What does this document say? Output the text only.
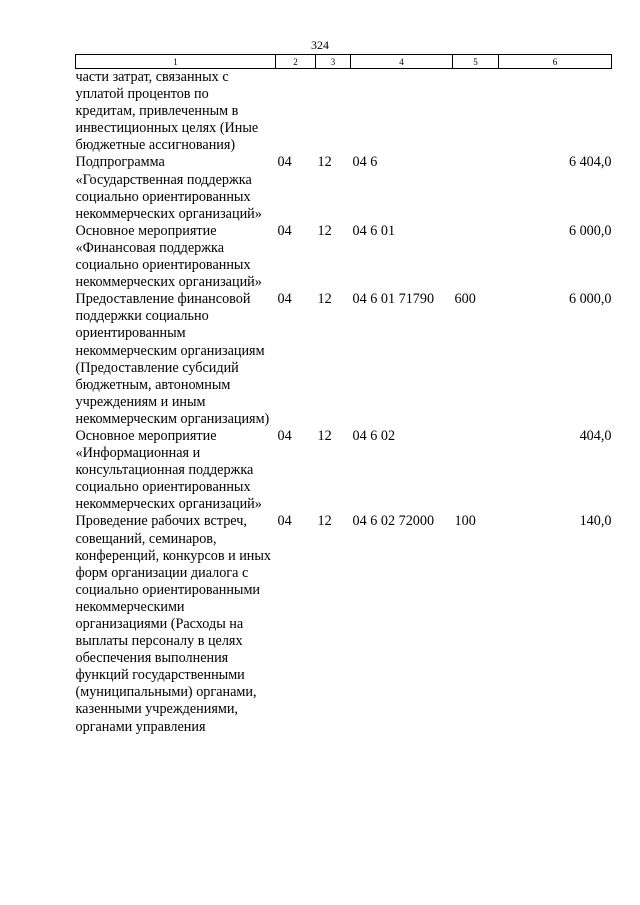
324
1	2	3	4	5	6
части затрат, связанных с уплатой процентов по кредитам, привлеченным в инвестиционных целях (Иные бюджетные ассигнования)					
Подпрограмма «Государственная поддержка социально ориентированных некоммерческих организаций»	04	12	04 6		6 404,0
Основное мероприятие «Финансовая поддержка социально ориентированных некоммерческих организаций»	04	12	04 6 01		6 000,0
Предоставление финансовой поддержки социально ориентированным некоммерческим организациям (Предоставление субсидий бюджетным, автономным учреждениям и иным некоммерческим организациям)	04	12	04 6 01 71790	600	6 000,0
Основное мероприятие «Информационная и консультационная поддержка социально ориентированных некоммерческих организаций»	04	12	04 6 02		404,0
Проведение рабочих встреч, совещаний, семинаров, конференций, конкурсов и иных форм организации диалога с социально ориентированными некоммерческими организациями (Расходы на выплаты персоналу в целях обеспечения выполнения функций государственными (муниципальными) органами, казенными учреждениями, органами управления	04	12	04 6 02 72000	100	140,0
